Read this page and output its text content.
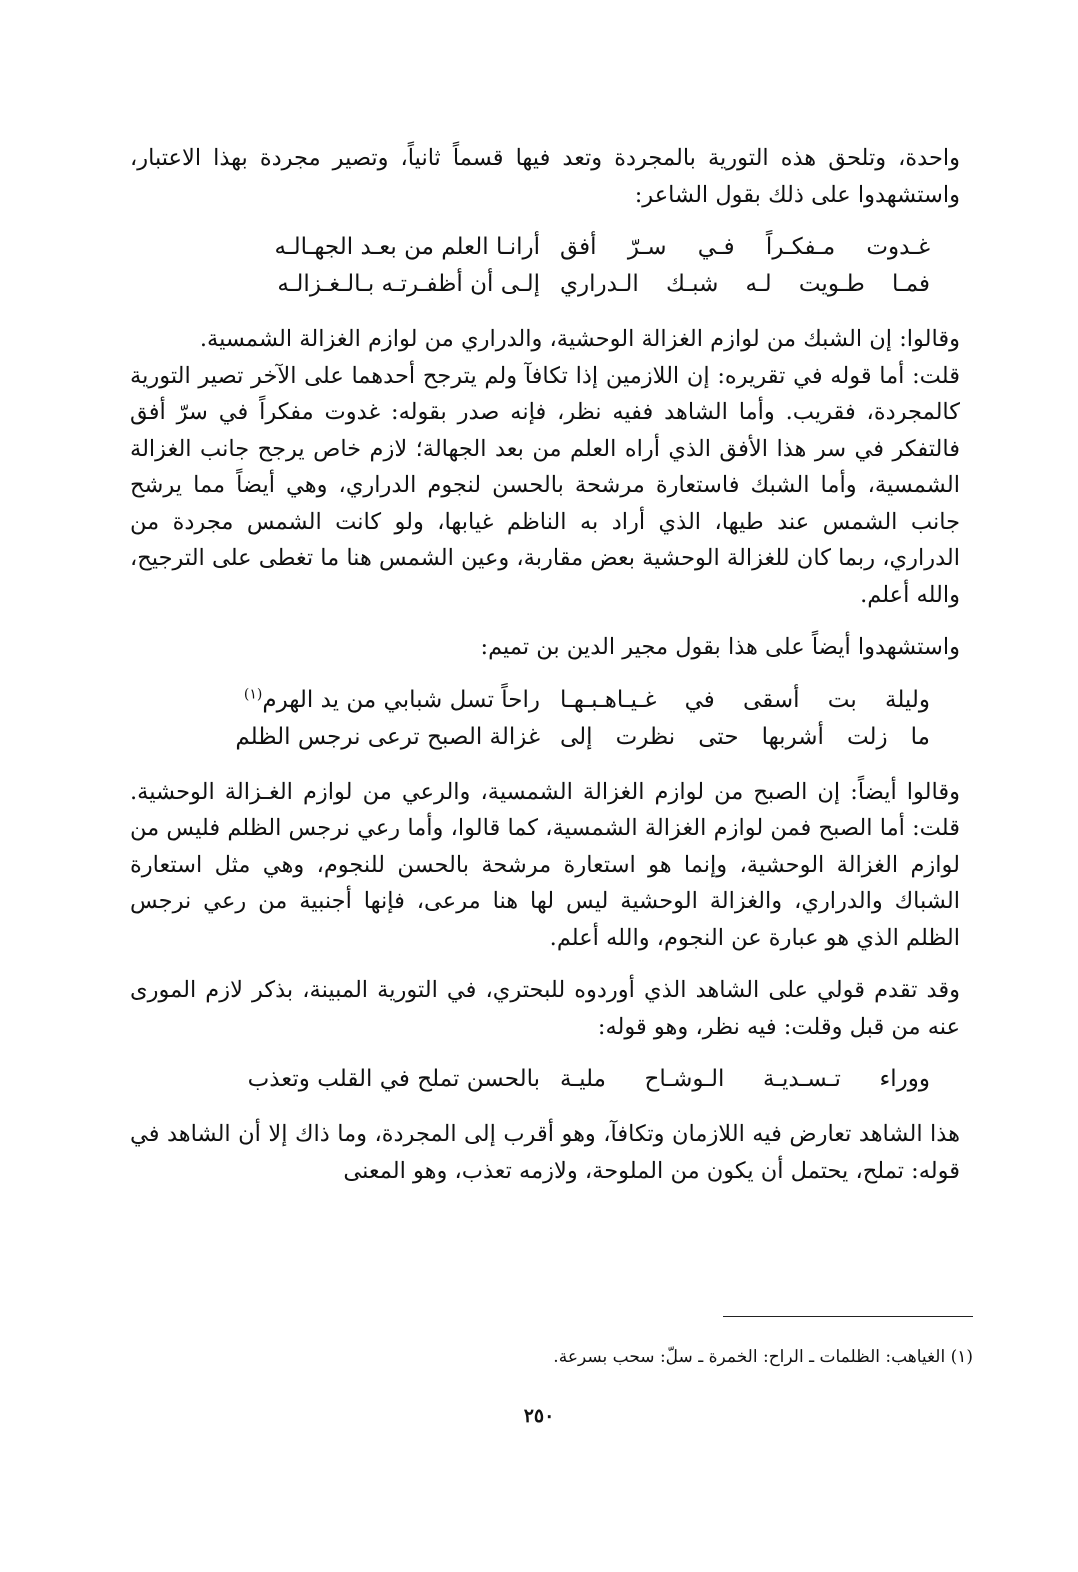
واحدة، وتلحق هذه التورية بالمجردة وتعد فيها قسماً ثانياً، وتصير مجردة بهذا الاعتبار، واستشهدوا على ذلك بقول الشاعر:

غـدوت مـفكـراً فـي سـرّ أفق
أرانـا العلم من بعـد الجهـالـه
فمـا طـويت لـه شبـك الـدراري
إلـى أن أظفـرتـه بـالـغـزالـه

وقالوا: إن الشبك من لوازم الغزالة الوحشية، والدراري من لوازم الغزالة الشمسية.

قلت: أما قوله في تقريره: إن اللازمين إذا تكافآ ولم يترجح أحدهما على الآخر تصير التورية كالمجردة، فقريب. وأما الشاهد ففيه نظر، فإنه صدر بقوله: غدوت مفكراً في سرّ أفق فالتفكر في سر هذا الأفق الذي أراه العلم من بعد الجهالة؛ لازم خاص يرجح جانب الغزالة الشمسية، وأما الشبك فاستعارة مرشحة بالحسن لنجوم الدراري، وهي أيضاً مما يرشح جانب الشمس عند طيها، الذي أراد به الناظم غيابها، ولو كانت الشمس مجردة من الدراري، ربما كان للغزالة الوحشية بعض مقاربة، وعين الشمس هنا ما تغطى على الترجيح، والله أعلم.

واستشهدوا أيضاً على هذا بقول مجير الدين بن تميم:

وليلة بت أسقى في غـيـاهـبـهـا
راحاً تسل شبابي من يد الهرم$^{(١)}$
ما زلت أشربها حتى نظرت إلى
غزالة الصبح ترعى نرجس الظلم

وقالوا أيضاً: إن الصبح من لوازم الغزالة الشمسية، والرعي من لوازم الغـزالة الوحشية. قلت: أما الصبح فمن لوازم الغزالة الشمسية، كما قالوا، وأما رعي نرجس الظلم فليس من لوازم الغزالة الوحشية، وإنما هو استعارة مرشحة بالحسن للنجوم، وهي مثل استعارة الشباك والدراري، والغزالة الوحشية ليس لها هنا مرعى، فإنها أجنبية من رعي نرجس الظلم الذي هو عبارة عن النجوم، والله أعلم.

وقد تقدم قولي على الشاهد الذي أوردوه للبحتري، في التورية المبينة، بذكر لازم المورى عنه من قبل وقلت: فيه نظر، وهو قوله:

ووراء تـسـديـة الـوشـاح مليـة
بالحسن تملح في القلب وتعذب

هذا الشاهد تعارض فيه اللازمان وتكافآ، وهو أقرب إلى المجردة، وما ذاك إلا أن الشاهد في قوله: تملح، يحتمل أن يكون من الملوحة، ولازمه تعذب، وهو المعنى

(١) الغياهب: الظلمات ـ الراح: الخمرة ـ سلّ: سحب بسرعة.
٢٥٠
